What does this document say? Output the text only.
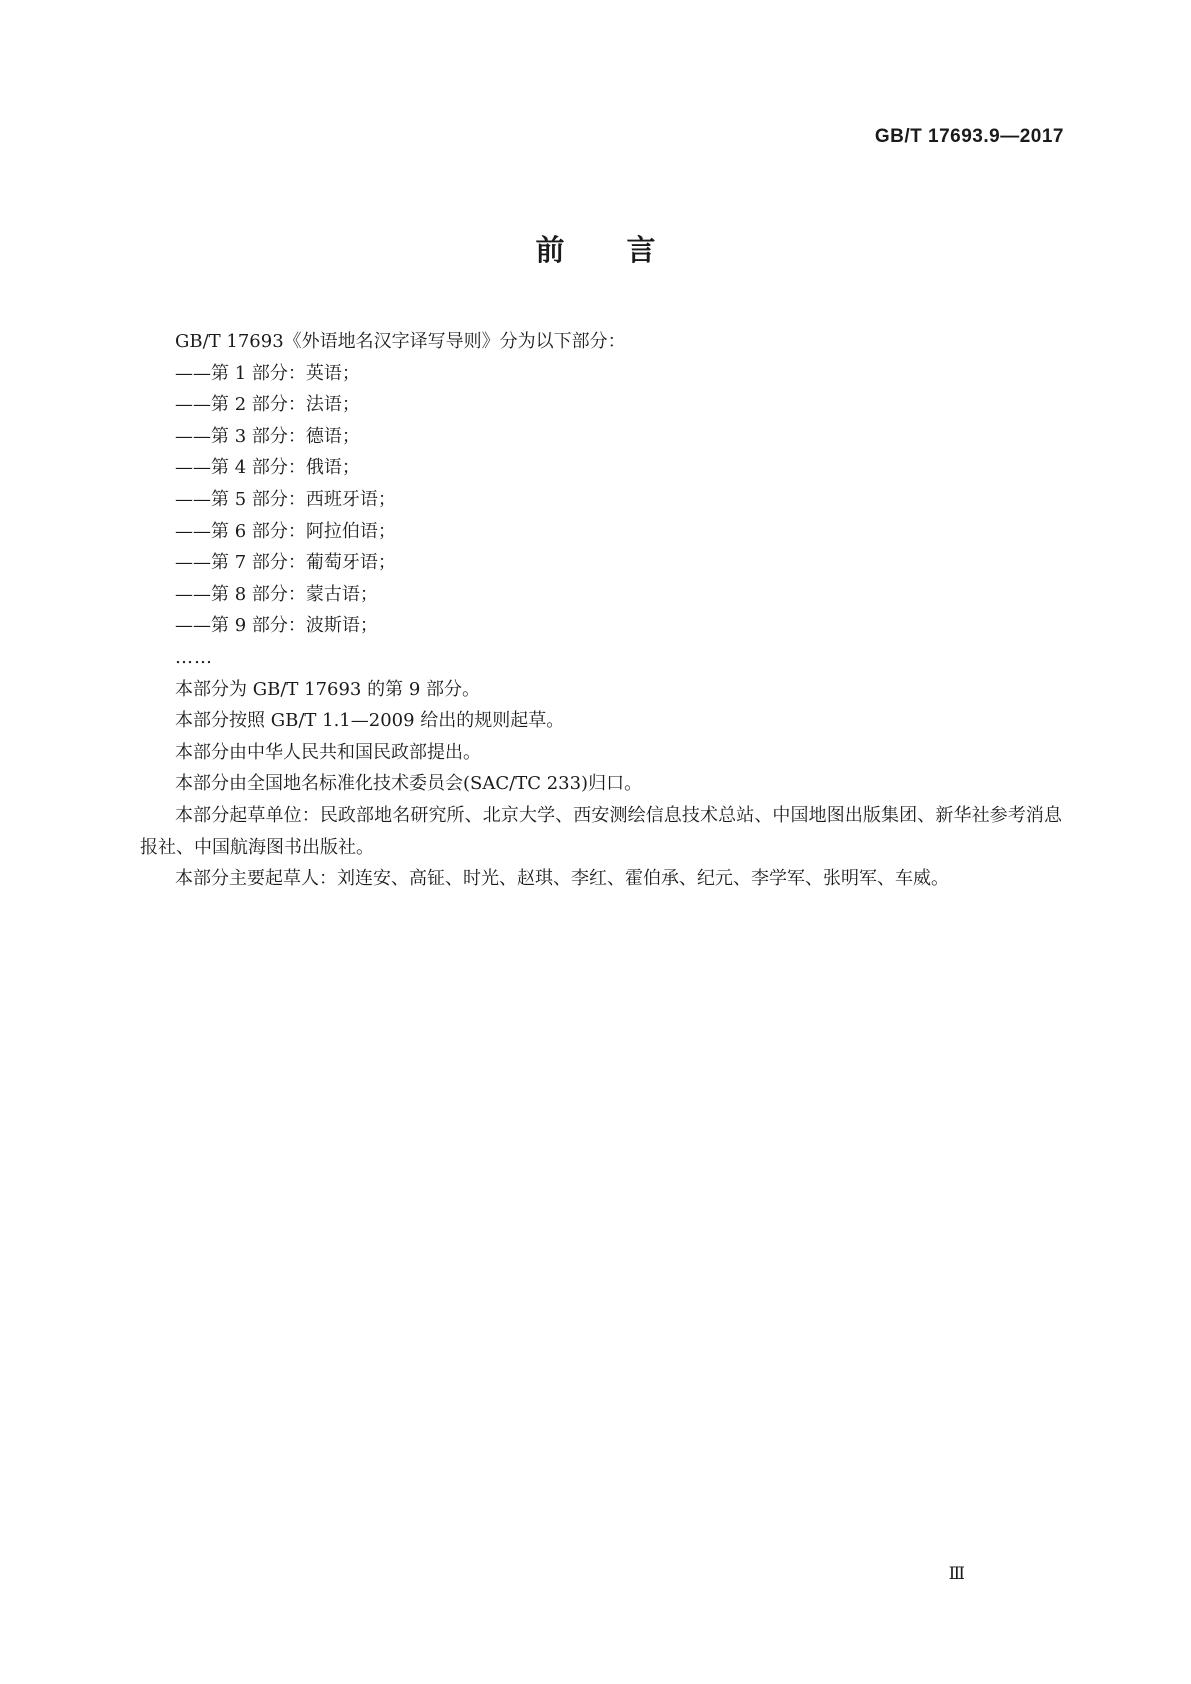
GB/T 17693.9—2017
前 言

GB/T 17693《外语地名汉字译写导则》分为以下部分：

——第 1 部分：英语；

——第 2 部分：法语；

——第 3 部分：德语；

——第 4 部分：俄语；

——第 5 部分：西班牙语；

——第 6 部分：阿拉伯语；

——第 7 部分：葡萄牙语；

——第 8 部分：蒙古语；

——第 9 部分：波斯语；

……

本部分为 GB/T 17693 的第 9 部分。

本部分按照 GB/T 1.1—2009 给出的规则起草。

本部分由中华人民共和国民政部提出。

本部分由全国地名标准化技术委员会(SAC/TC 233)归口。

本部分起草单位：民政部地名研究所、北京大学、西安测绘信息技术总站、中国地图出版集团、新华社参考消息报社、中国航海图书出版社。

本部分主要起草人：刘连安、高钲、时光、赵琪、李红、霍伯承、纪元、李学军、张明军、车威。

Ⅲ
